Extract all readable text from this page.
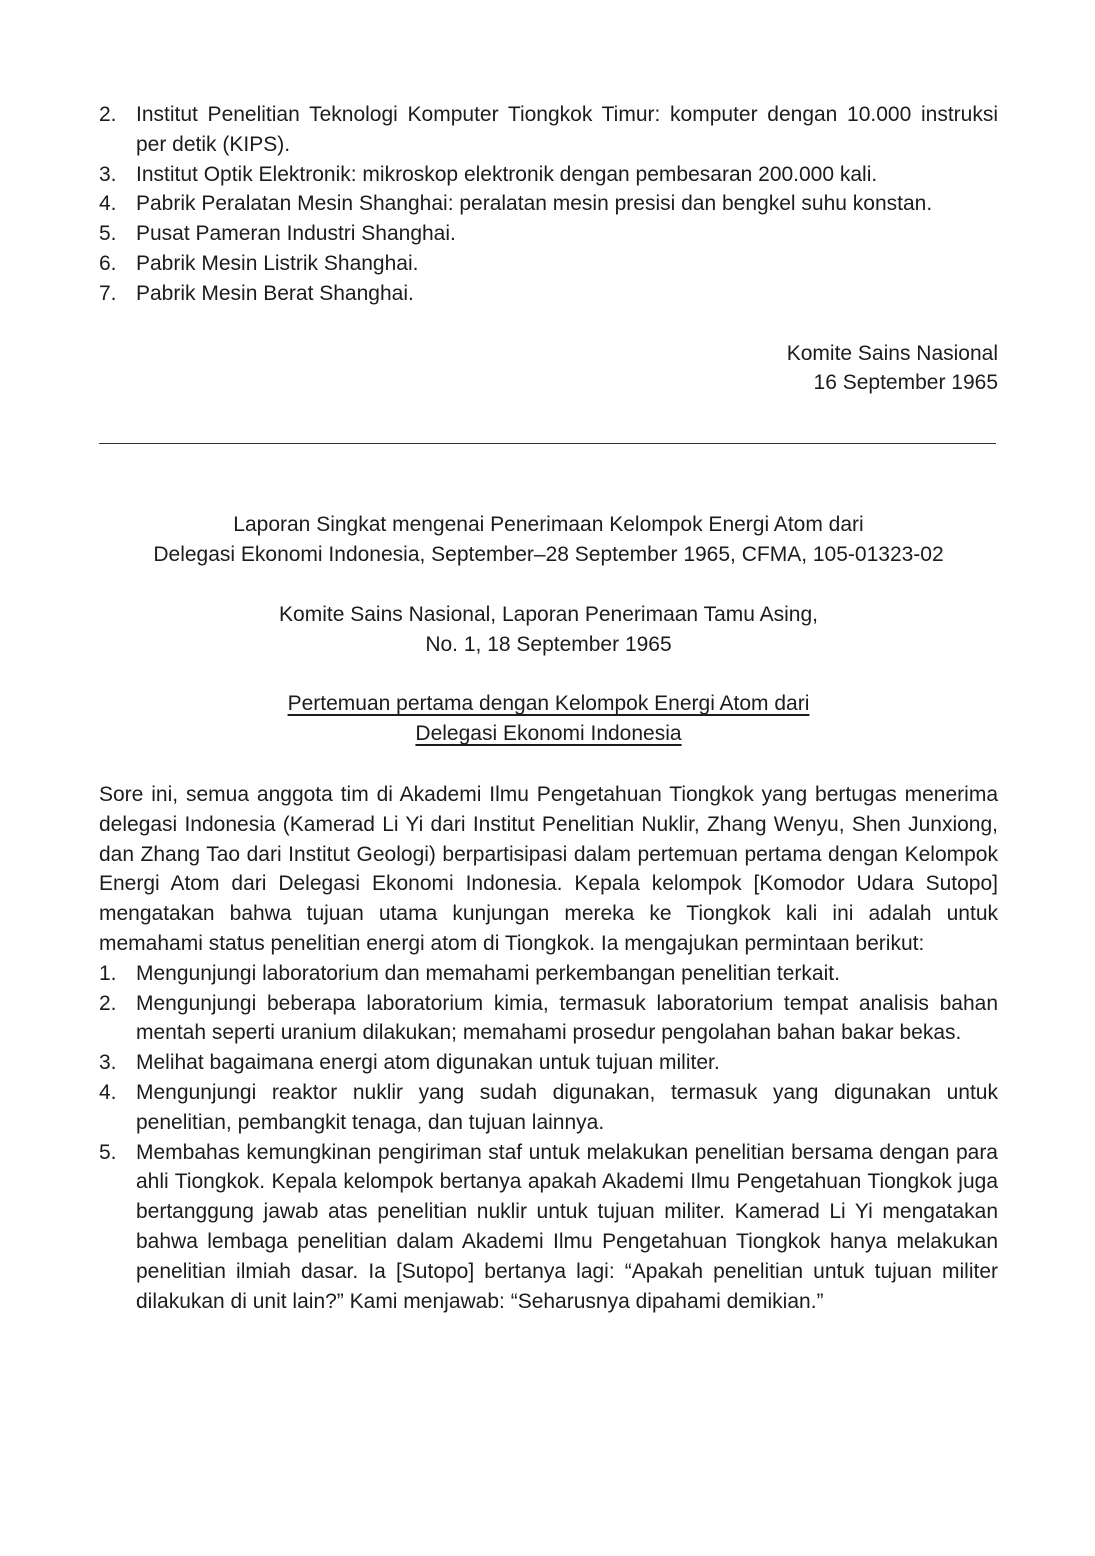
2. Institut Penelitian Teknologi Komputer Tiongkok Timur: komputer dengan 10.000 instruksi per detik (KIPS).
3. Institut Optik Elektronik: mikroskop elektronik dengan pembesaran 200.000 kali.
4. Pabrik Peralatan Mesin Shanghai: peralatan mesin presisi dan bengkel suhu konstan.
5. Pusat Pameran Industri Shanghai.
6. Pabrik Mesin Listrik Shanghai.
7. Pabrik Mesin Berat Shanghai.
Komite Sains Nasional
16 September 1965
Laporan Singkat mengenai Penerimaan Kelompok Energi Atom dari
Delegasi Ekonomi Indonesia, September–28 September 1965, CFMA, 105-01323-02
Komite Sains Nasional, Laporan Penerimaan Tamu Asing,
No. 1, 18 September 1965
Pertemuan pertama dengan Kelompok Energi Atom dari
Delegasi Ekonomi Indonesia

Sore ini, semua anggota tim di Akademi Ilmu Pengetahuan Tiongkok yang bertugas menerima delegasi Indonesia (Kamerad Li Yi dari Institut Penelitian Nuklir, Zhang Wenyu, Shen Junxiong, dan Zhang Tao dari Institut Geologi) berpartisipasi dalam pertemuan pertama dengan Kelompok Energi Atom dari Delegasi Ekonomi Indonesia. Kepala kelompok [Komodor Udara Sutopo] mengatakan bahwa tujuan utama kunjungan mereka ke Tiongkok kali ini adalah untuk memahami status penelitian energi atom di Tiongkok. Ia mengajukan permintaan berikut:

1. Mengunjungi laboratorium dan memahami perkembangan penelitian terkait.
2. Mengunjungi beberapa laboratorium kimia, termasuk laboratorium tempat analisis bahan mentah seperti uranium dilakukan; memahami prosedur pengolahan bahan bakar bekas.
3. Melihat bagaimana energi atom digunakan untuk tujuan militer.
4. Mengunjungi reaktor nuklir yang sudah digunakan, termasuk yang digunakan untuk penelitian, pembangkit tenaga, dan tujuan lainnya.
5. Membahas kemungkinan pengiriman staf untuk melakukan penelitian bersama dengan para ahli Tiongkok. Kepala kelompok bertanya apakah Akademi Ilmu Pengetahuan Tiongkok juga bertanggung jawab atas penelitian nuklir untuk tujuan militer. Kamerad Li Yi mengatakan bahwa lembaga penelitian dalam Akademi Ilmu Pengetahuan Tiongkok hanya melakukan penelitian ilmiah dasar. Ia [Sutopo] bertanya lagi: “Apakah penelitian untuk tujuan militer dilakukan di unit lain?” Kami menjawab: “Seharusnya dipahami demikian.”
